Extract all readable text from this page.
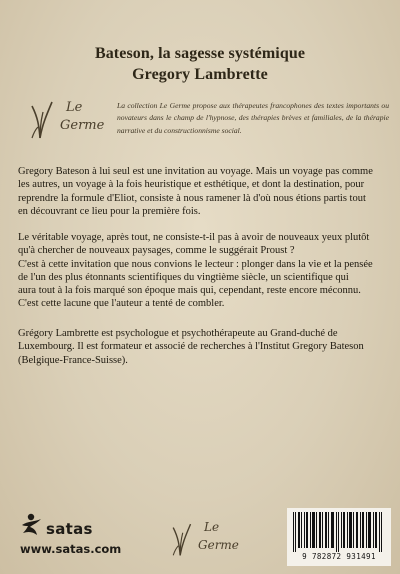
Bateson, la sagesse systémique
Gregory Lambrette
Le
Germe
La collection Le Germe propose aux thérapeutes francophones des textes importants ou novateurs dans le champ de l'hypnose, des thérapies brèves et familiales, de la thérapie narrative et du constructionnisme social.
Gregory Bateson à lui seul est une invitation au voyage. Mais un voyage pas comme
les autres, un voyage à la fois heuristique et esthétique, et dont la destination, pour
reprendre la formule d'Eliot, consiste à nous ramener là d'où nous étions partis tout
en découvrant ce lieu pour la première fois.
Le véritable voyage, après tout, ne consiste-t-il pas à avoir de nouveaux yeux plutôt
qu'à chercher de nouveaux paysages, comme le suggérait Proust ?
C'est à cette invitation que nous convions le lecteur : plonger dans la vie et la pensée
de l'un des plus étonnants scientifiques du vingtième siècle, un scientifique qui
aura tout à la fois marqué son époque mais qui, cependant, reste encore méconnu.
C'est cette lacune que l'auteur a tenté de combler.
Grégory Lambrette est psychologue et psychothérapeute au Grand-duché de
Luxembourg. Il est formateur et associé de recherches à l'Institut Gregory Bateson
(Belgique-France-Suisse).
satas
www.satas.com
Le
Germe
9 782872 931491
